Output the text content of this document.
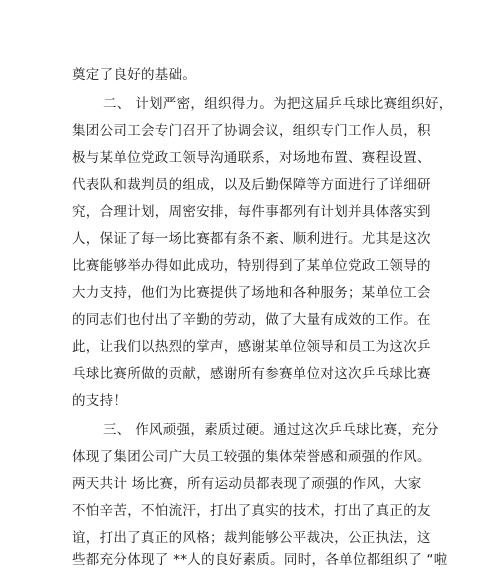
奠定了良好的基础。
二、 计划严密，组织得力。为把这届乒乓球比赛组织好，
集团公司工会专门召开了协调会议，组织专门工作人员，积
极与某单位党政工领导沟通联系，对场地布置、赛程设置、
代表队和裁判员的组成，以及后勤保障等方面进行了详细研
究，合理计划，周密安排，每件事都列有计划并具体落实到
人，保证了每一场比赛都有条不紊、顺利进行。尤其是这次
比赛能够举办得如此成功，特别得到了某单位党政工领导的
大力支持，他们为比赛提供了场地和各种服务；某单位工会
的同志们也付出了辛勤的劳动，做了大量有成效的工作。在
此，让我们以热烈的掌声，感谢某单位领导和员工为这次乒
乓球比赛所做的贡献，感谢所有参赛单位对这次乒乓球比赛
的支持！
三、 作风顽强，素质过硬。通过这次乒乓球比赛，充分
体现了集团公司广大员工较强的集体荣誉感和顽强的作风。
两天共计 场比赛，所有运动员都表现了顽强的作风，大家
不怕辛苦，不怕流汗，打出了真实的技术，打出了真正的友
谊，打出了真正的风格；裁判能够公平裁决，公正执法，这
些都充分体现了 **人的良好素质。同时，各单位都组织了 “啦
